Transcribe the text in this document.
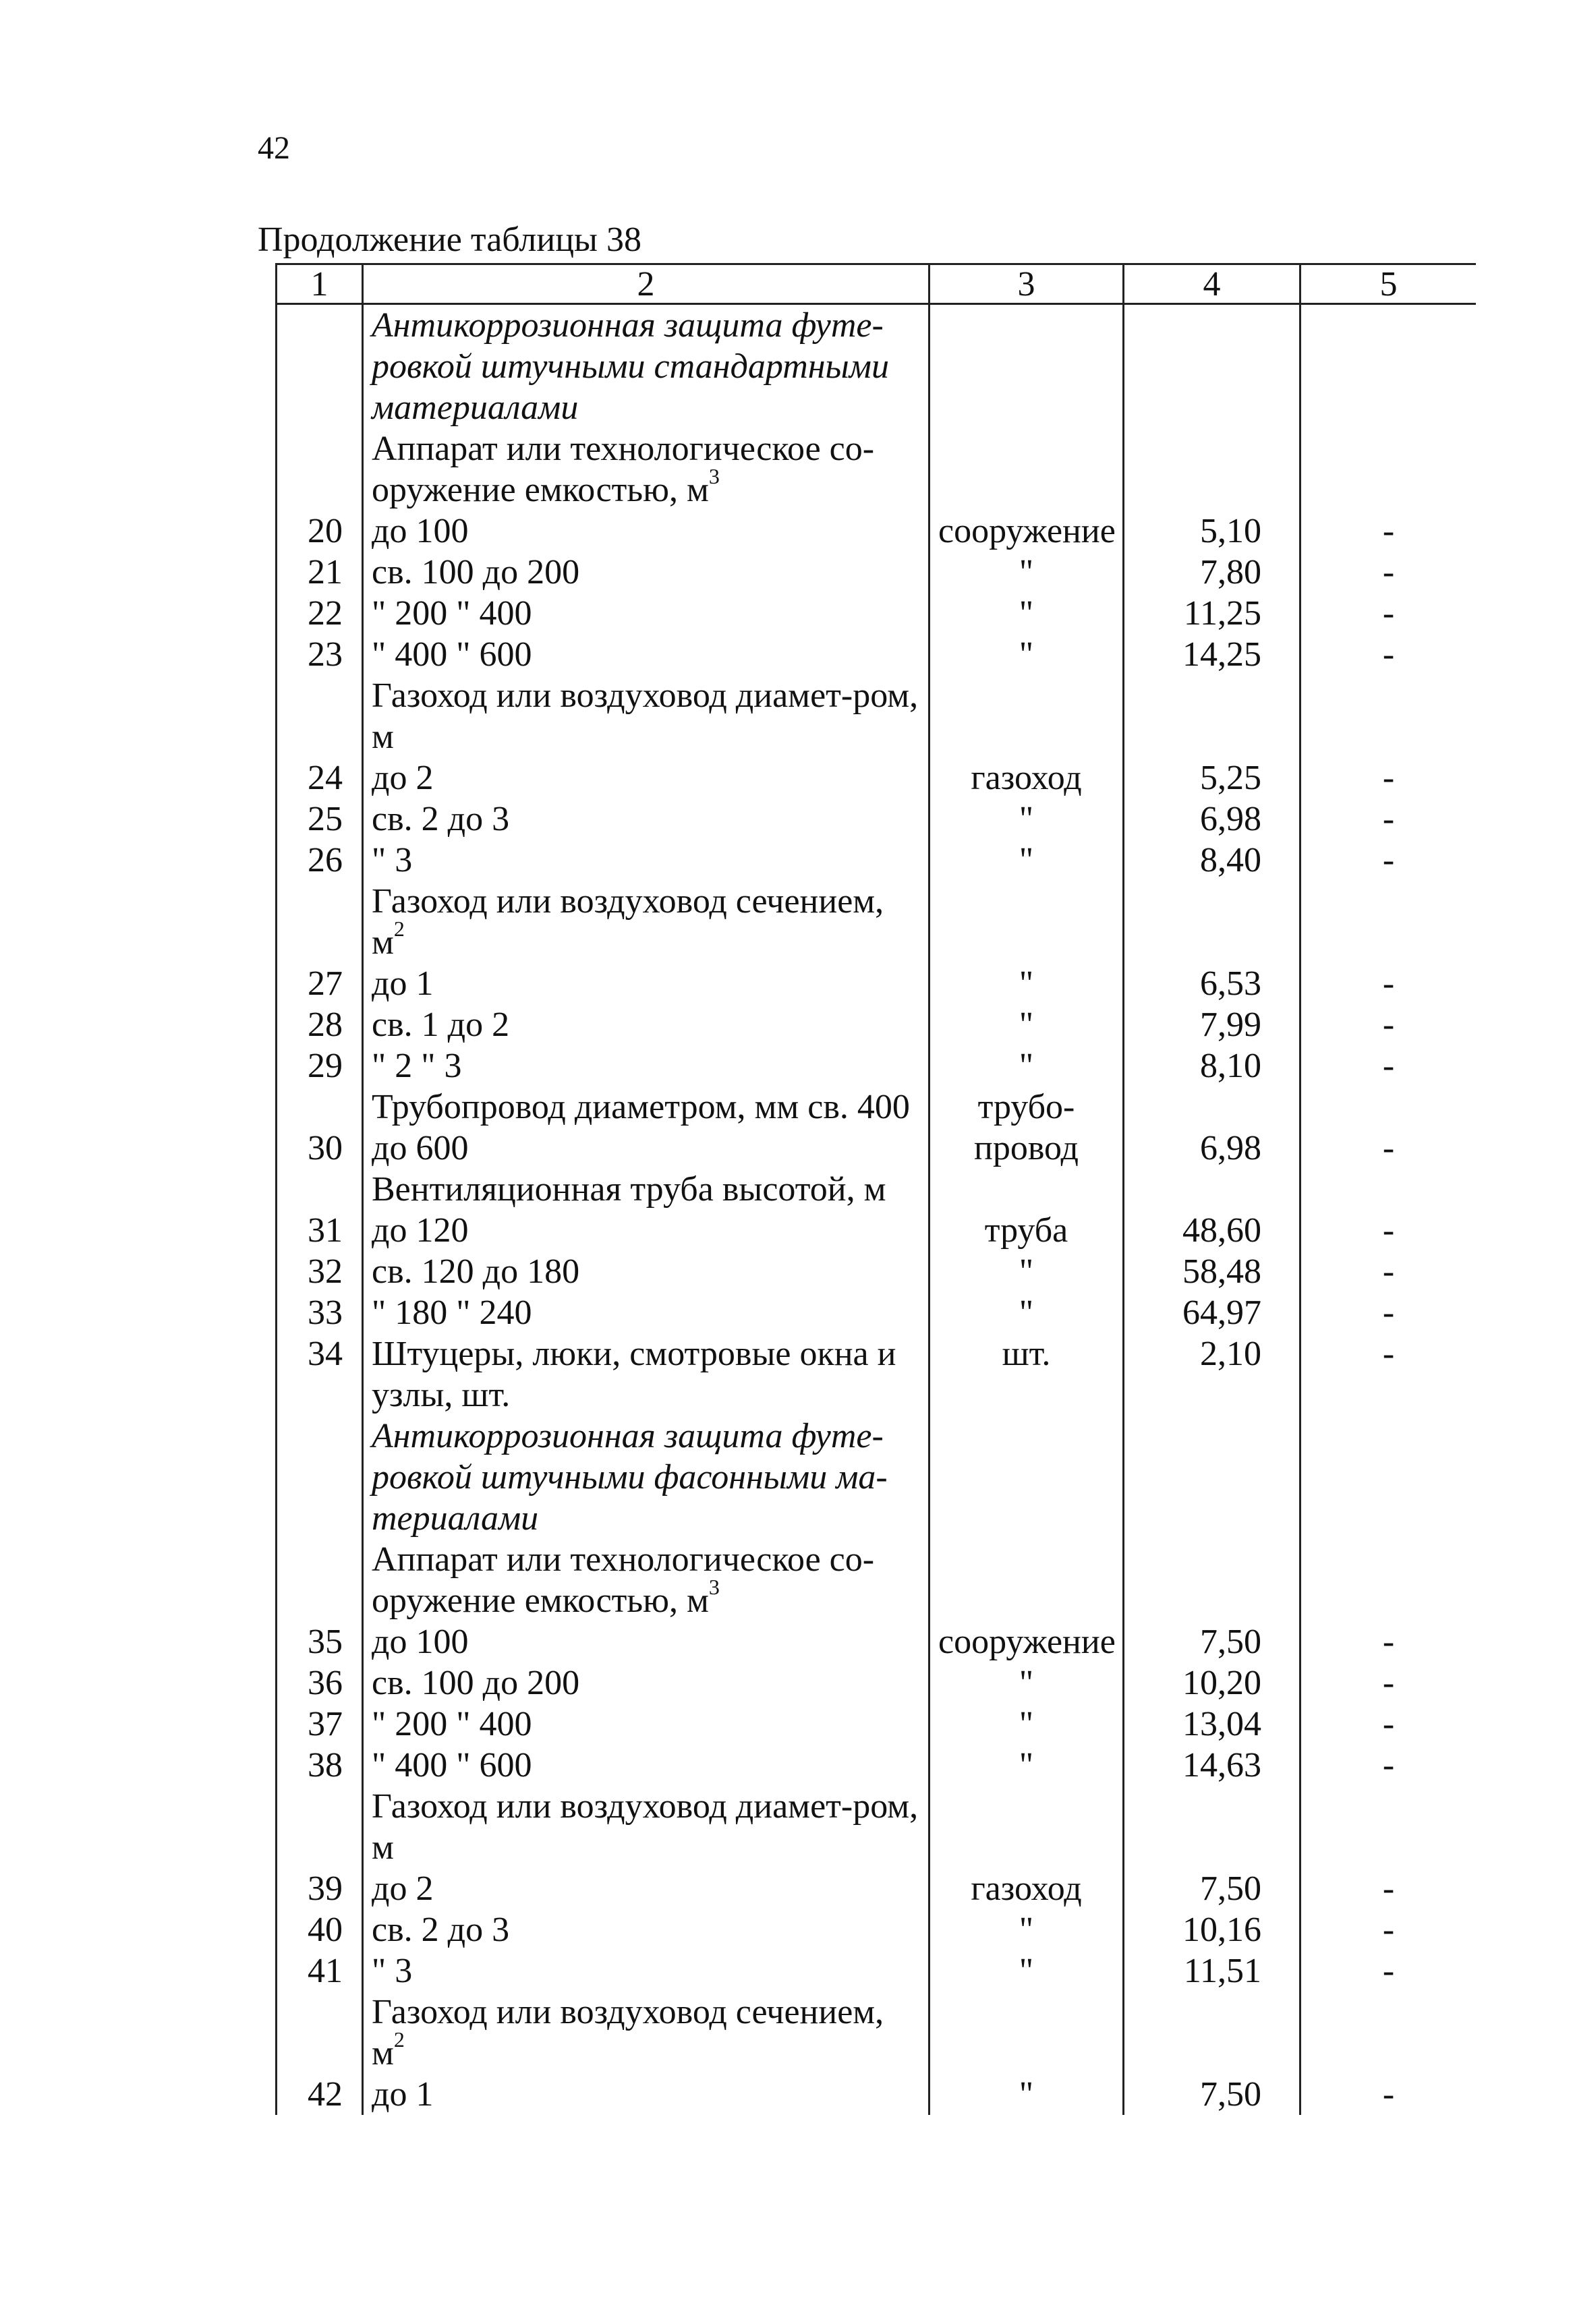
42
Продолжение таблицы 38
1	2	3	4	5
	Антикоррозионная защита футе-ровкой штучными стандартными материалами			
	Аппарат или технологическое со-оружение емкостью, $м^3$			
20	до 100	сооружение	5,10	-
21	св. 100 до 200	"	7,80	-
22	" 200 " 400	"	11,25	-
23	" 400 " 600	"	14,25	-
	Газоход или воздуховод диамет-ром, м			
24	до 2	газоход	5,25	-
25	св. 2 до 3	"	6,98	-
26	" 3	"	8,40	-
	Газоход или воздуховод сечением, $м^2$			
27	до 1	"	6,53	-
28	св. 1 до 2	"	7,99	-
29	" 2 " 3	"	8,10	-
30	Трубопровод диаметром, мм св. 400 до 600	трубо-провод	6,98	-
	Вентиляционная труба высотой, м			
31	до 120	труба	48,60	-
32	св. 120 до 180	"	58,48	-
33	" 180 " 240	"	64,97	-
34	Штуцеры, люки, смотровые окна и узлы, шт.	шт.	2,10	-
	Антикоррозионная защита футе-ровкой штучными фасонными ма-териалами			
	Аппарат или технологическое со-оружение емкостью, $м^3$			
35	до 100	сооружение	7,50	-
36	св. 100 до 200	"	10,20	-
37	" 200 " 400	"	13,04	-
38	" 400 " 600	"	14,63	-
	Газоход или воздуховод диамет-ром, м			
39	до 2	газоход	7,50	-
40	св. 2 до 3	"	10,16	-
41	" 3	"	11,51	-
	Газоход или воздуховод сечением, $м^2$			
42	до 1	"	7,50	-
